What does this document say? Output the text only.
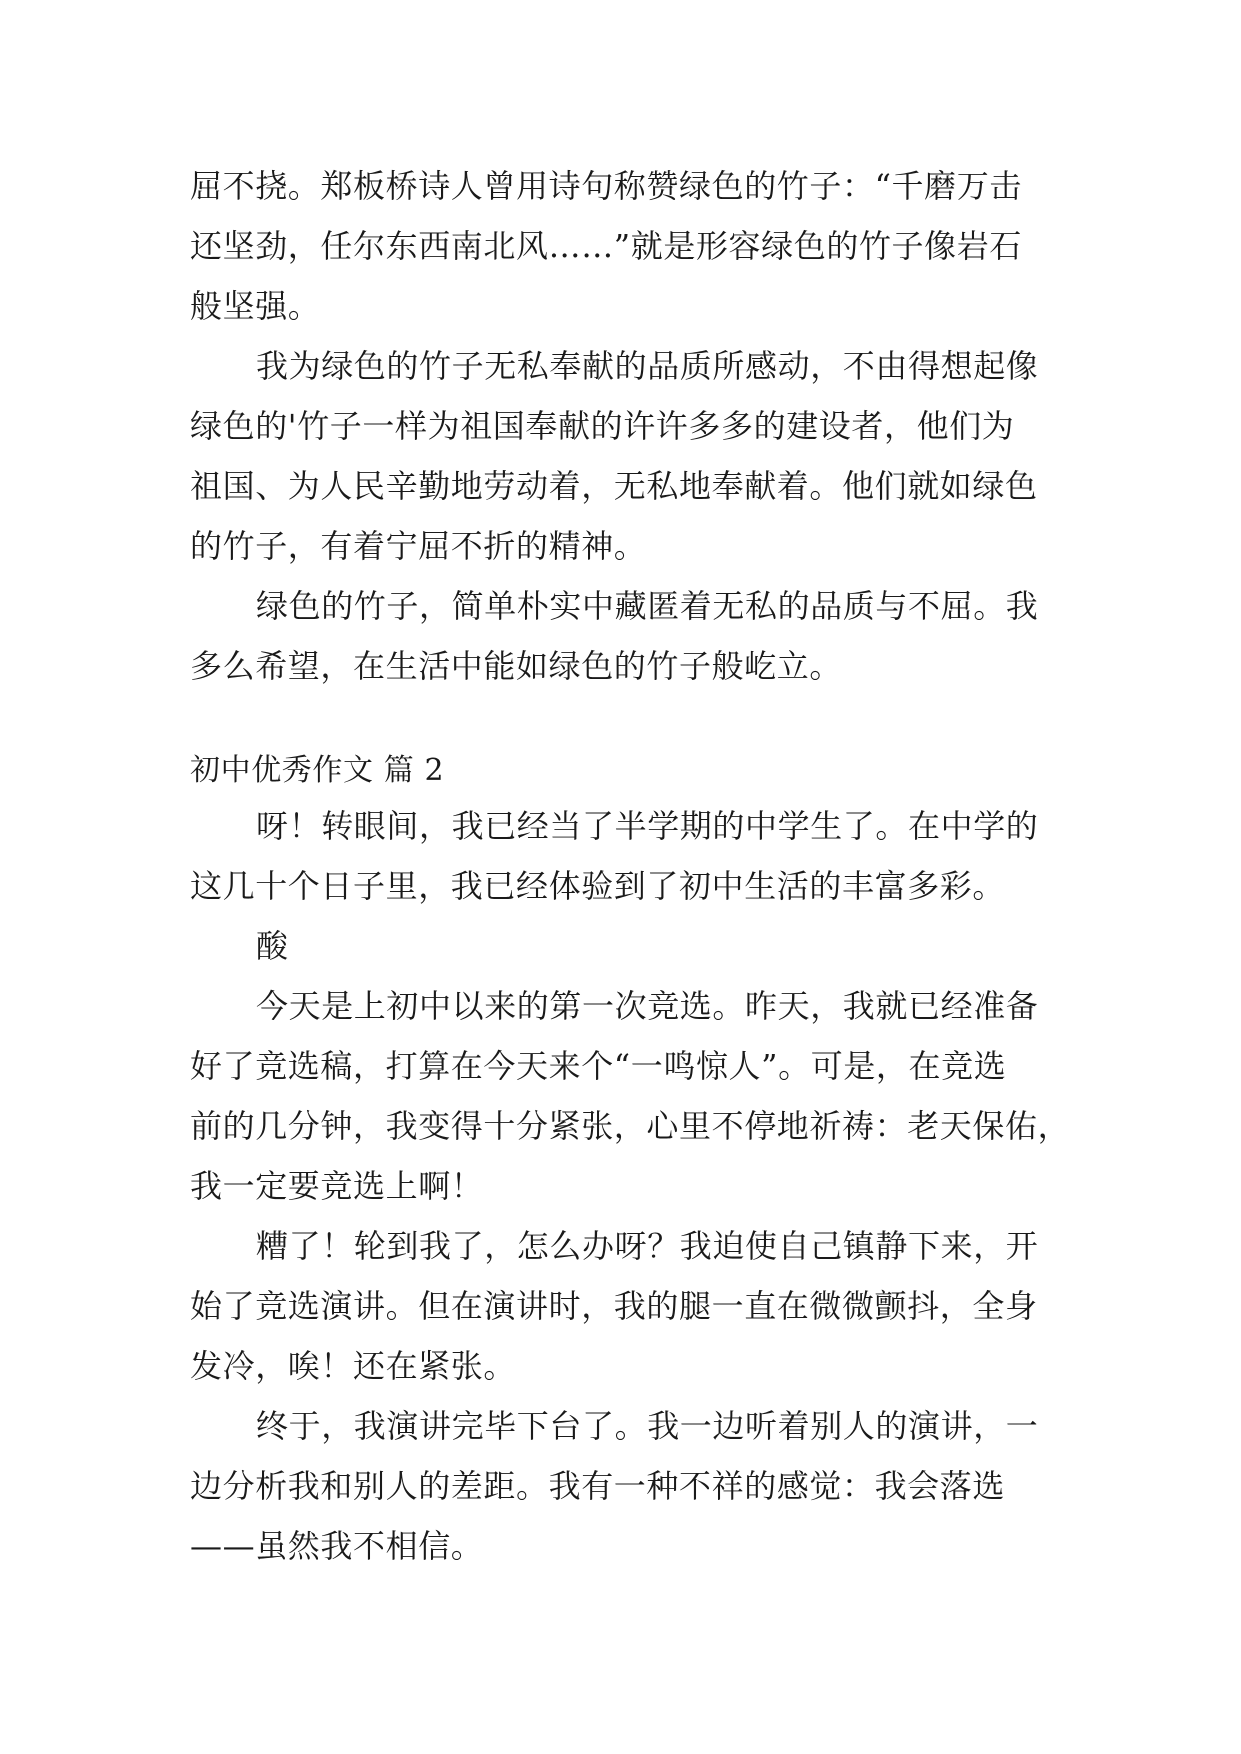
屈不挠。郑板桥诗人曾用诗句称赞绿色的竹子：“千磨万击
还坚劲，任尔东西南北风……”就是形容绿色的竹子像岩石
般坚强。
我为绿色的竹子无私奉献的品质所感动，不由得想起像
绿色的'竹子一样为祖国奉献的许许多多的建设者，他们为
祖国、为人民辛勤地劳动着，无私地奉献着。他们就如绿色
的竹子，有着宁屈不折的精神。
绿色的竹子，简单朴实中藏匿着无私的品质与不屈。我
多么希望，在生活中能如绿色的竹子般屹立。
初中优秀作文 篇 2
呀！转眼间，我已经当了半学期的中学生了。在中学的
这几十个日子里，我已经体验到了初中生活的丰富多彩。
酸
今天是上初中以来的第一次竞选。昨天，我就已经准备
好了竞选稿，打算在今天来个“一鸣惊人”。可是，在竞选
前的几分钟，我变得十分紧张，心里不停地祈祷：老天保佑，
我一定要竞选上啊！
糟了！轮到我了，怎么办呀？我迫使自己镇静下来，开
始了竞选演讲。但在演讲时，我的腿一直在微微颤抖，全身
发冷，唉！还在紧张。
终于，我演讲完毕下台了。我一边听着别人的演讲，一
边分析我和别人的差距。我有一种不祥的感觉：我会落选
——虽然我不相信。
